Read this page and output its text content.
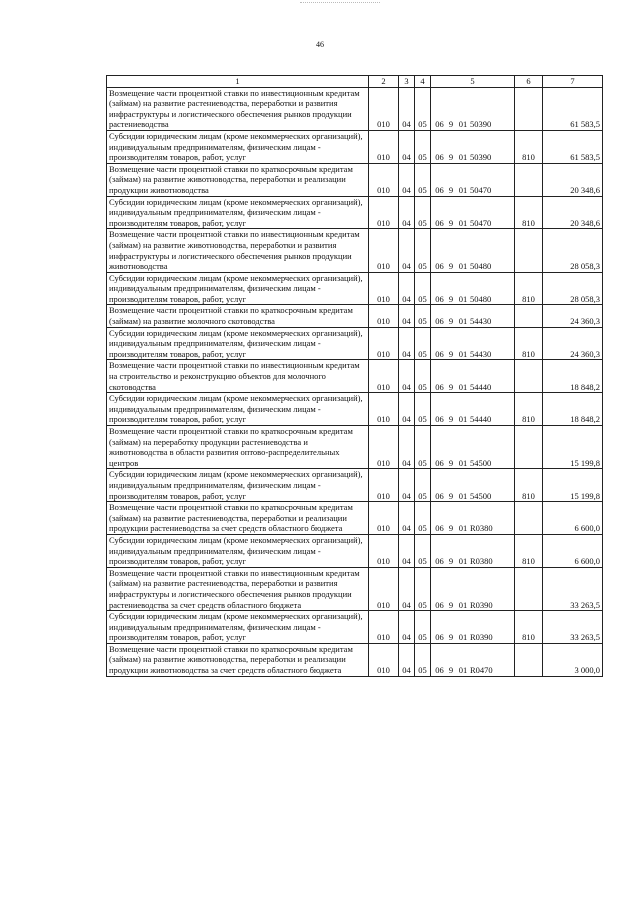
46
1	2	3	4	5	6	7
Возмещение части процентной ставки по инвестиционным кредитам (займам) на развитие растениеводства, переработки и развития инфраструктуры и логистического обеспечения рынков продукции растениеводства	010	04	05	06 9 01 50390		61 583,5
Субсидии юридическим лицам (кроме некоммерческих организаций), индивидуальным предпринимателям, физическим лицам - производителям товаров, работ, услуг	010	04	05	06 9 01 50390	810	61 583,5
Возмещение части процентной ставки по краткосрочным кредитам (займам) на развитие животноводства, переработки и реализации продукции животноводства	010	04	05	06 9 01 50470		20 348,6
Субсидии юридическим лицам (кроме некоммерческих организаций), индивидуальным предпринимателям, физическим лицам - производителям товаров, работ, услуг	010	04	05	06 9 01 50470	810	20 348,6
Возмещение части процентной ставки по инвестиционным кредитам (займам) на развитие животноводства, переработки и развития инфраструктуры и логистического обеспечения рынков продукции животноводства	010	04	05	06 9 01 50480		28 058,3
Субсидии юридическим лицам (кроме некоммерческих организаций), индивидуальным предпринимателям, физическим лицам - производителям товаров, работ, услуг	010	04	05	06 9 01 50480	810	28 058,3
Возмещение части процентной ставки по краткосрочным кредитам (займам) на развитие молочного скотоводства	010	04	05	06 9 01 54430		24 360,3
Субсидии юридическим лицам (кроме некоммерческих организаций), индивидуальным предпринимателям, физическим лицам - производителям товаров, работ, услуг	010	04	05	06 9 01 54430	810	24 360,3
Возмещение части процентной ставки по инвестиционным кредитам на строительство и реконструкцию объектов для молочного скотоводства	010	04	05	06 9 01 54440		18 848,2
Субсидии юридическим лицам (кроме некоммерческих организаций), индивидуальным предпринимателям, физическим лицам - производителям товаров, работ, услуг	010	04	05	06 9 01 54440	810	18 848,2
Возмещение части процентной ставки по краткосрочным кредитам (займам) на переработку продукции растениеводства и животноводства в области развития оптово-распределительных центров	010	04	05	06 9 01 54500		15 199,8
Субсидии юридическим лицам (кроме некоммерческих организаций), индивидуальным предпринимателям, физическим лицам - производителям товаров, работ, услуг	010	04	05	06 9 01 54500	810	15 199,8
Возмещение части процентной ставки по краткосрочным кредитам (займам) на развитие растениеводства, переработки и реализации продукции растениеводства за счет средств областного бюджета	010	04	05	06 9 01 R0380		6 600,0
Субсидии юридическим лицам (кроме некоммерческих организаций), индивидуальным предпринимателям, физическим лицам - производителям товаров, работ, услуг	010	04	05	06 9 01 R0380	810	6 600,0
Возмещение части процентной ставки по инвестиционным кредитам (займам) на развитие растениеводства, переработки и развития инфраструктуры и логистического обеспечения рынков продукции растениеводства за счет средств областного бюджета	010	04	05	06 9 01 R0390		33 263,5
Субсидии юридическим лицам (кроме некоммерческих организаций), индивидуальным предпринимателям, физическим лицам - производителям товаров, работ, услуг	010	04	05	06 9 01 R0390	810	33 263,5
Возмещение части процентной ставки по краткосрочным кредитам (займам) на развитие животноводства, переработки и реализации продукции животноводства за счет средств областного бюджета	010	04	05	06 9 01 R0470		3 000,0
